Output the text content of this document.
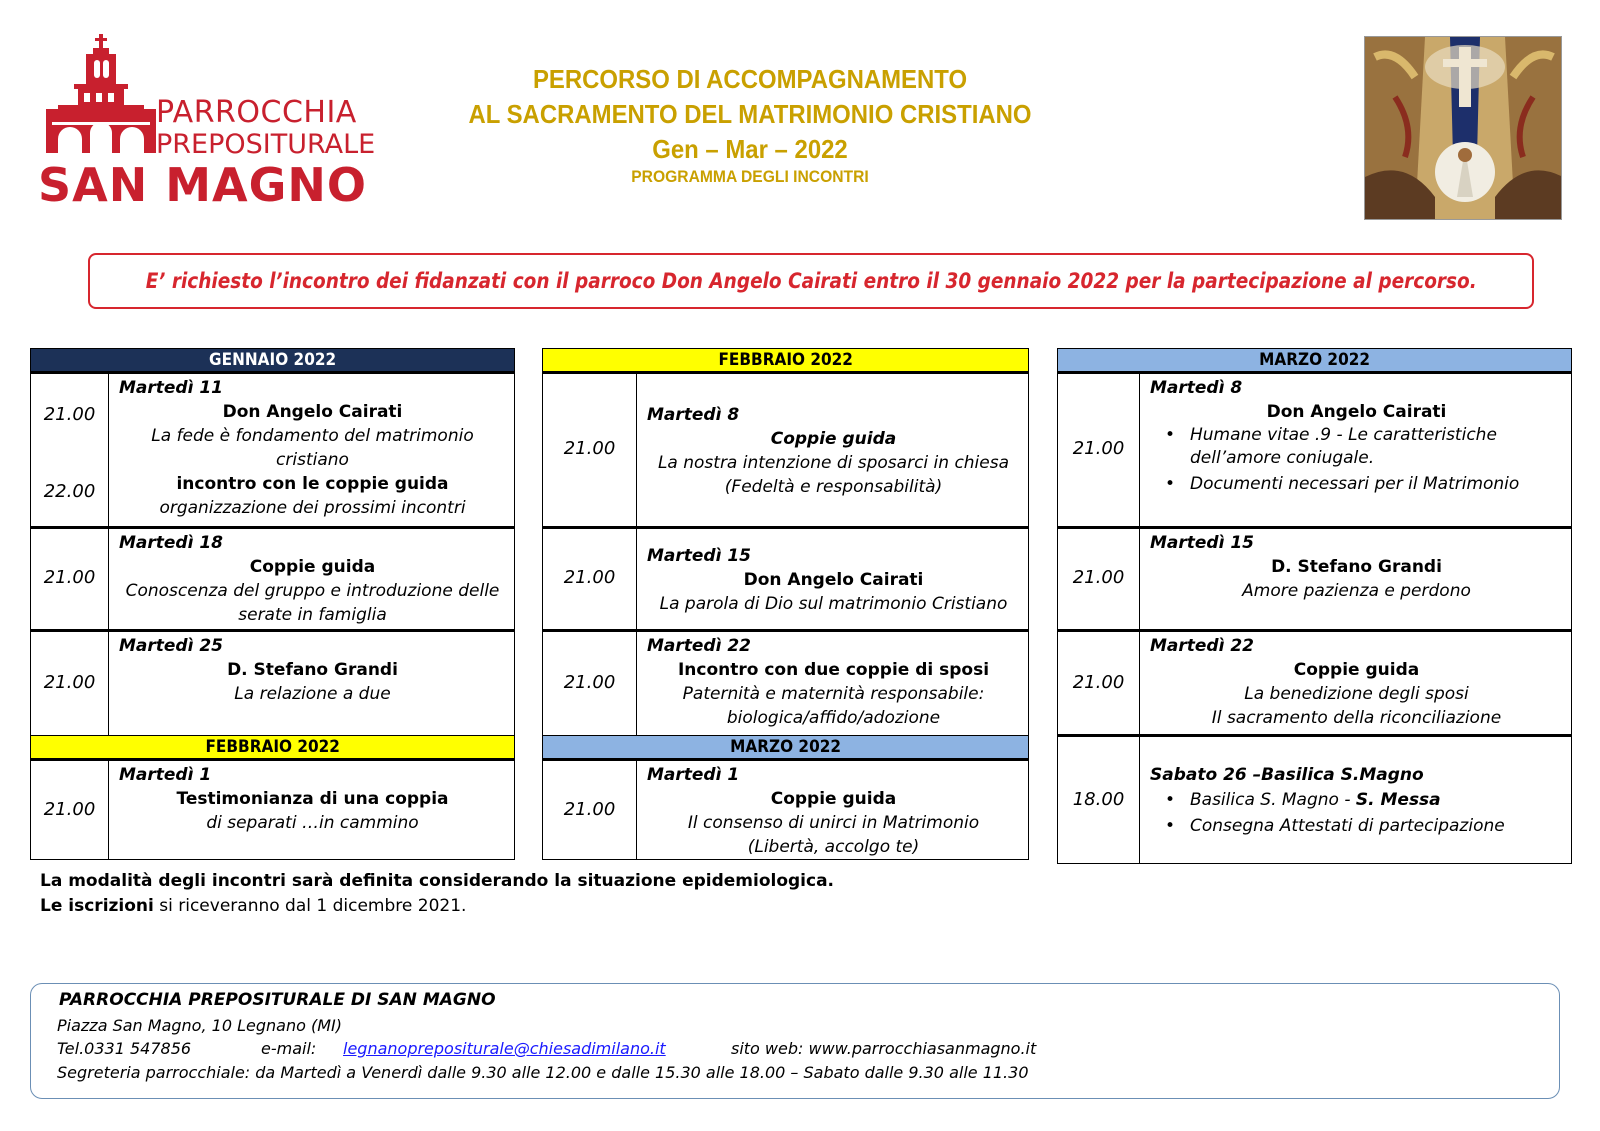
PARROCCHIA
PREPOSITURALE
SAN MAGNO
PERCORSO DI ACCOMPAGNAMENTO
AL SACRAMENTO DEL MATRIMONIO CRISTIANO
Gen – Mar – 2022
PROGRAMMA DEGLI INCONTRI
E’ richiesto l’incontro dei fidanzati con il parroco Don Angelo Cairati entro il 30 gennaio 2022 per la partecipazione al percorso.
GENNAIO 2022
21.00
22.00
Martedì 11
Don Angelo Cairati
La fede è fondamento del matrimonio
cristiano
incontro con le coppie guida
organizzazione dei prossimi incontri
21.00
Martedì 18
Coppie guida
Conoscenza del gruppo e introduzione delle
serate in famiglia
21.00
Martedì 25
D. Stefano Grandi
La relazione a due
FEBBRAIO 2022
21.00
Martedì 1
Testimonianza di una coppia
di separati …in cammino
FEBBRAIO 2022
21.00
Martedì 8
Coppie guida
La nostra intenzione di sposarci in chiesa
(Fedeltà e responsabilità)
21.00
Martedì 15
Don Angelo Cairati
La parola di Dio sul matrimonio Cristiano
21.00
Martedì 22
Incontro con due coppie di sposi
Paternità e maternità responsabile:
biologica/affido/adozione
MARZO 2022
21.00
Martedì 1
Coppie guida
Il consenso di unirci in Matrimonio
(Libertà, accolgo te)
MARZO 2022
21.00
Martedì 8
Don Angelo Cairati
• Humane vitae .9 - Le caratteristiche
dell’amore coniugale.
• Documenti necessari per il Matrimonio
21.00
Martedì 15
D. Stefano Grandi
Amore pazienza e perdono
21.00
Martedì 22
Coppie guida
La benedizione degli sposi
Il sacramento della riconciliazione
18.00
Sabato 26 –Basilica S.Magno
• Basilica S. Magno - S. Messa
• Consegna Attestati di partecipazione
La modalità degli incontri sarà definita considerando la situazione epidemiologica.
Le iscrizioni si riceveranno dal 1 dicembre 2021.
PARROCCHIA PREPOSITURALE DI SAN MAGNO
Piazza San Magno, 10 Legnano (MI)
Tel.0331 547856	e-mail: legnanoprepositurale@chiesadimilano.it	sito web: www.parrocchiasanmagno.it
Segreteria parrocchiale: da Martedì a Venerdì dalle 9.30 alle 12.00 e dalle 15.30 alle 18.00 – Sabato dalle 9.30 alle 11.30
